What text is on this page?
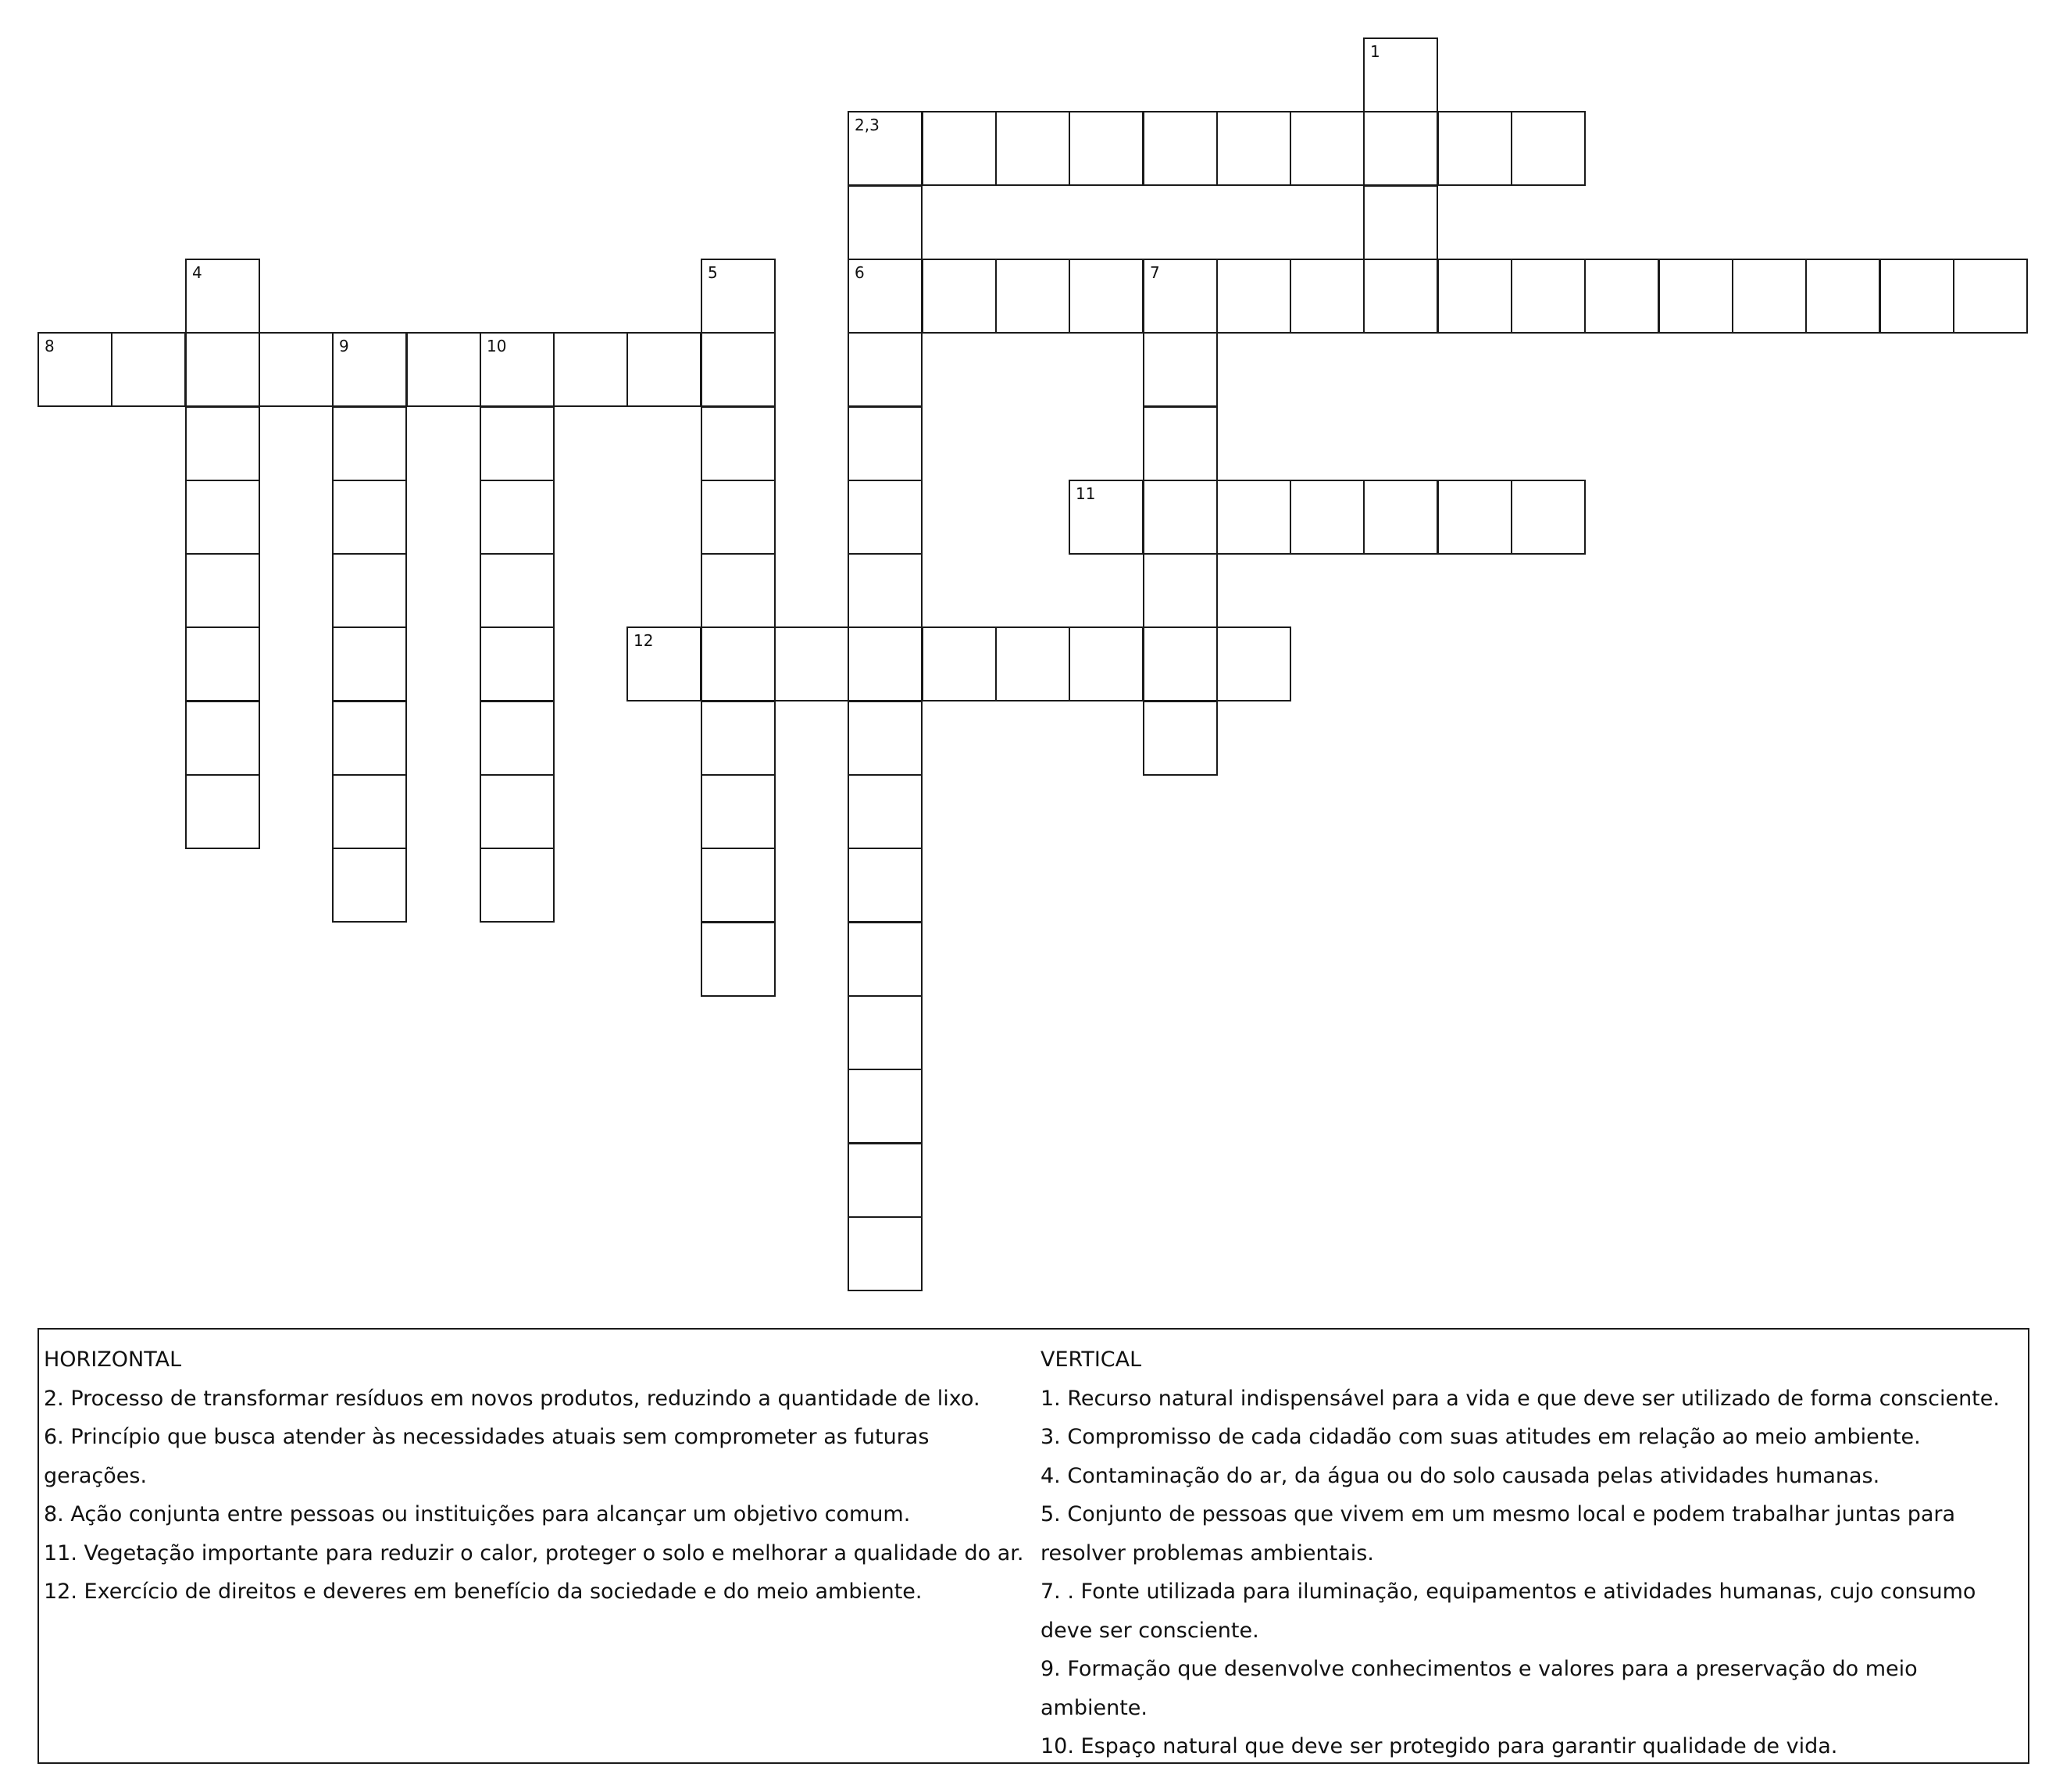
1
2,3
4	5	6	7
8	9	10
11
12

HORIZONTAL

2. Processo de transformar resíduos em novos produtos, reduzindo a quantidade de lixo.

6. Princípio que busca atender às necessidades atuais sem comprometer as futuras gerações.

8. Ação conjunta entre pessoas ou instituições para alcançar um objetivo comum.

11. Vegetação importante para reduzir o calor, proteger o solo e melhorar a qualidade do ar.

12. Exercício de direitos e deveres em benefício da sociedade e do meio ambiente.

VERTICAL

1. Recurso natural indispensável para a vida e que deve ser utilizado de forma consciente.

3. Compromisso de cada cidadão com suas atitudes em relação ao meio ambiente.

4. Contaminação do ar, da água ou do solo causada pelas atividades humanas.

5. Conjunto de pessoas que vivem em um mesmo local e podem trabalhar juntas para resolver problemas ambientais.

7. . Fonte utilizada para iluminação, equipamentos e atividades humanas, cujo consumo deve ser consciente.

9. Formação que desenvolve conhecimentos e valores para a preservação do meio ambiente.

10. Espaço natural que deve ser protegido para garantir qualidade de vida.
